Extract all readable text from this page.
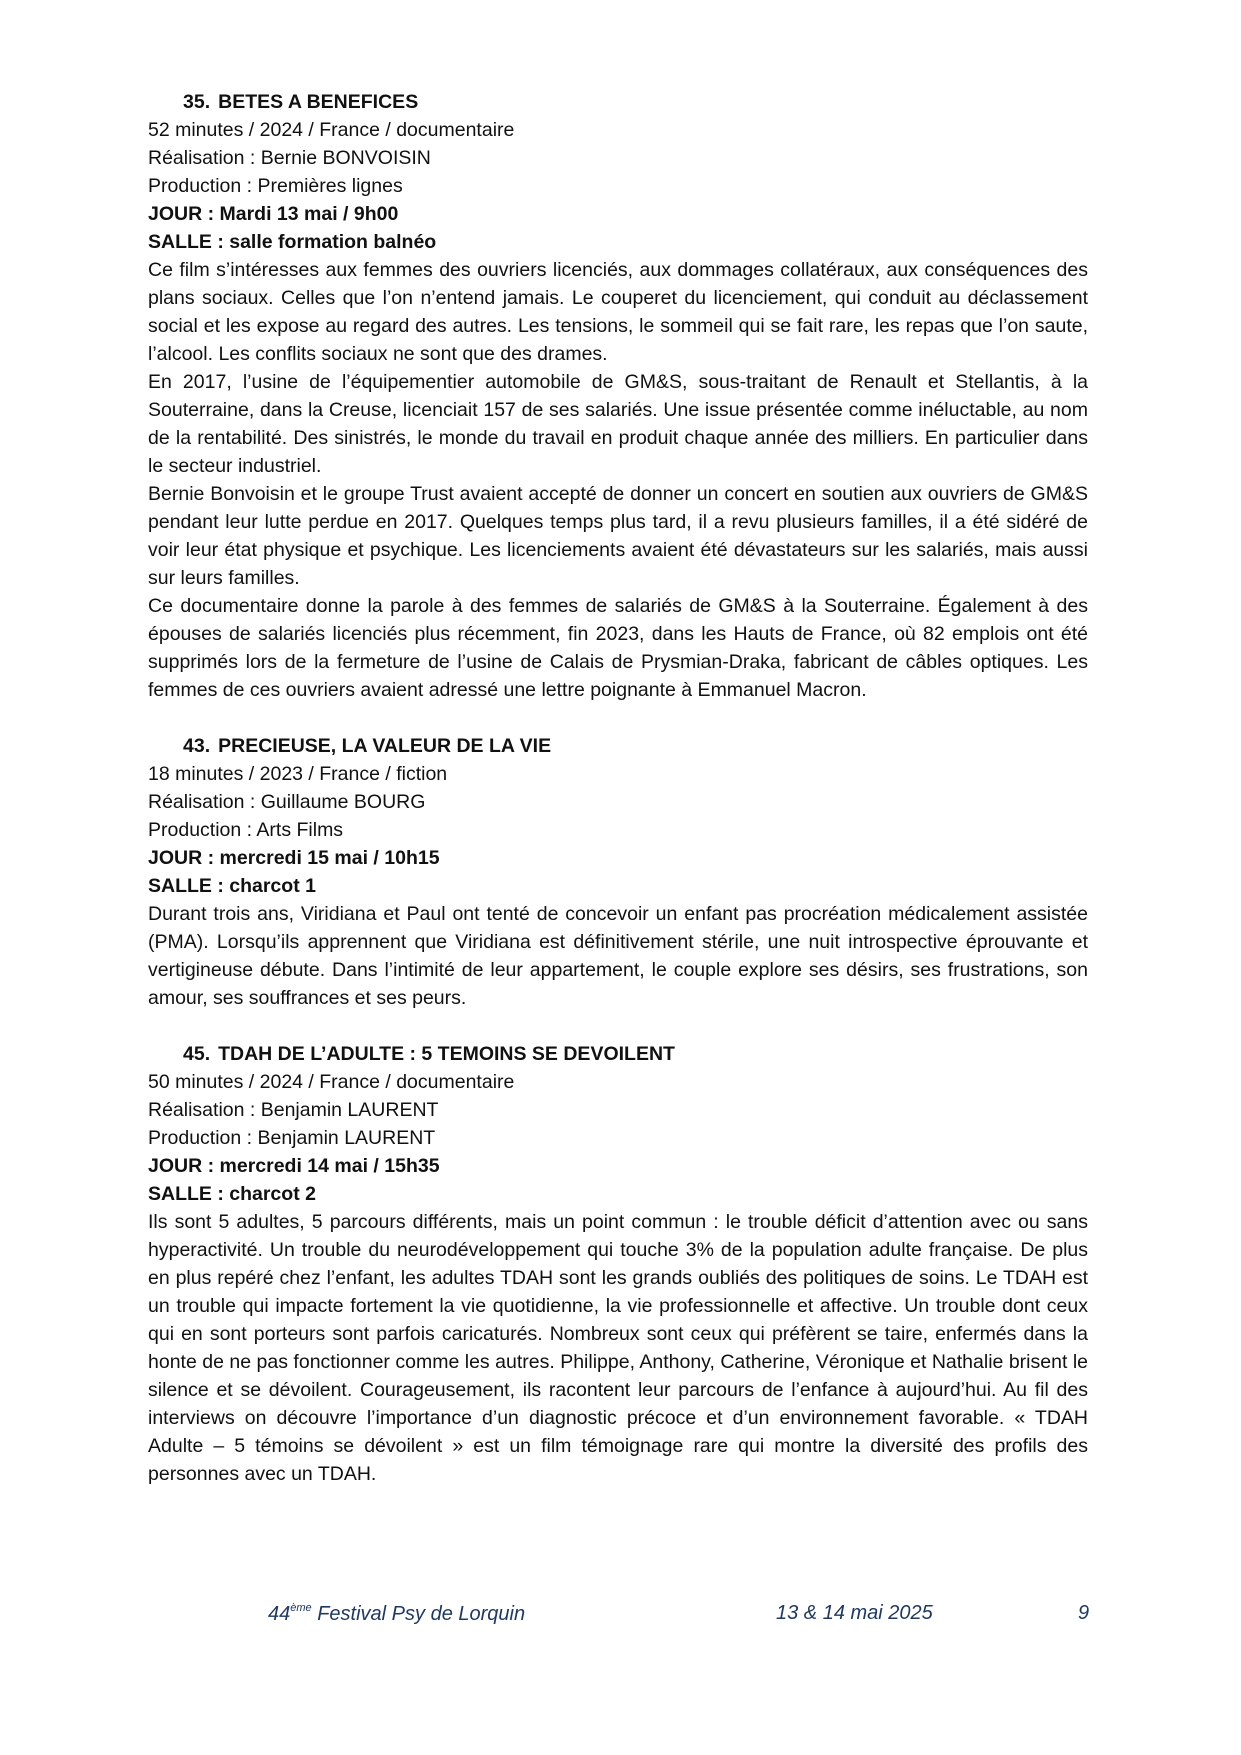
35. BETES A BENEFICES
52 minutes / 2024 / France / documentaire
Réalisation : Bernie BONVOISIN
Production : Premières lignes
JOUR : Mardi 13 mai / 9h00
SALLE : salle formation balnéo

Ce film s’intéresses aux femmes des ouvriers licenciés, aux dommages collatéraux, aux conséquences des plans sociaux. Celles que l’on n’entend jamais. Le couperet du licenciement, qui conduit au déclassement social et les expose au regard des autres. Les tensions, le sommeil qui se fait rare, les repas que l’on saute, l’alcool. Les conflits sociaux ne sont que des drames.

En 2017, l’usine de l’équipementier automobile de GM&S, sous-traitant de Renault et Stellantis, à la Souterraine, dans la Creuse, licenciait 157 de ses salariés. Une issue présentée comme inéluctable, au nom de la rentabilité. Des sinistrés, le monde du travail en produit chaque année des milliers. En particulier dans le secteur industriel.

Bernie Bonvoisin et le groupe Trust avaient accepté de donner un concert en soutien aux ouvriers de GM&S pendant leur lutte perdue en 2017. Quelques temps plus tard, il a revu plusieurs familles, il a été sidéré de voir leur état physique et psychique. Les licenciements avaient été dévastateurs sur les salariés, mais aussi sur leurs familles.

Ce documentaire donne la parole à des femmes de salariés de GM&S à la Souterraine. Également à des épouses de salariés licenciés plus récemment, fin 2023, dans les Hauts de France, où 82 emplois ont été supprimés lors de la fermeture de l’usine de Calais de Prysmian-Draka, fabricant de câbles optiques. Les femmes de ces ouvriers avaient adressé une lettre poignante à Emmanuel Macron.

43. PRECIEUSE, LA VALEUR DE LA VIE
18 minutes / 2023 / France / fiction
Réalisation : Guillaume BOURG
Production : Arts Films
JOUR : mercredi 15 mai / 10h15
SALLE : charcot 1

Durant trois ans, Viridiana et Paul ont tenté de concevoir un enfant pas procréation médicalement assistée (PMA). Lorsqu’ils apprennent que Viridiana est définitivement stérile, une nuit introspective éprouvante et vertigineuse débute. Dans l’intimité de leur appartement, le couple explore ses désirs, ses frustrations, son amour, ses souffrances et ses peurs.

45. TDAH DE L’ADULTE : 5 TEMOINS SE DEVOILENT
50 minutes / 2024 / France / documentaire
Réalisation : Benjamin LAURENT
Production : Benjamin LAURENT
JOUR : mercredi 14 mai / 15h35
SALLE : charcot 2

Ils sont 5 adultes, 5 parcours différents, mais un point commun : le trouble déficit d’attention avec ou sans hyperactivité. Un trouble du neurodéveloppement qui touche 3% de la population adulte française. De plus en plus repéré chez l’enfant, les adultes TDAH sont les grands oubliés des politiques de soins. Le TDAH est un trouble qui impacte fortement la vie quotidienne, la vie professionnelle et affective. Un trouble dont ceux qui en sont porteurs sont parfois caricaturés. Nombreux sont ceux qui préfèrent se taire, enfermés dans la honte de ne pas fonctionner comme les autres. Philippe, Anthony, Catherine, Véronique et Nathalie brisent le silence et se dévoilent. Courageusement, ils racontent leur parcours de l’enfance à aujourd’hui. Au fil des interviews on découvre l’importance d’un diagnostic précoce et d’un environnement favorable. « TDAH Adulte – 5 témoins se dévoilent » est un film témoignage rare qui montre la diversité des profils des personnes avec un TDAH.

44ème Festival Psy de Lorquin	13 & 14 mai 2025	9
